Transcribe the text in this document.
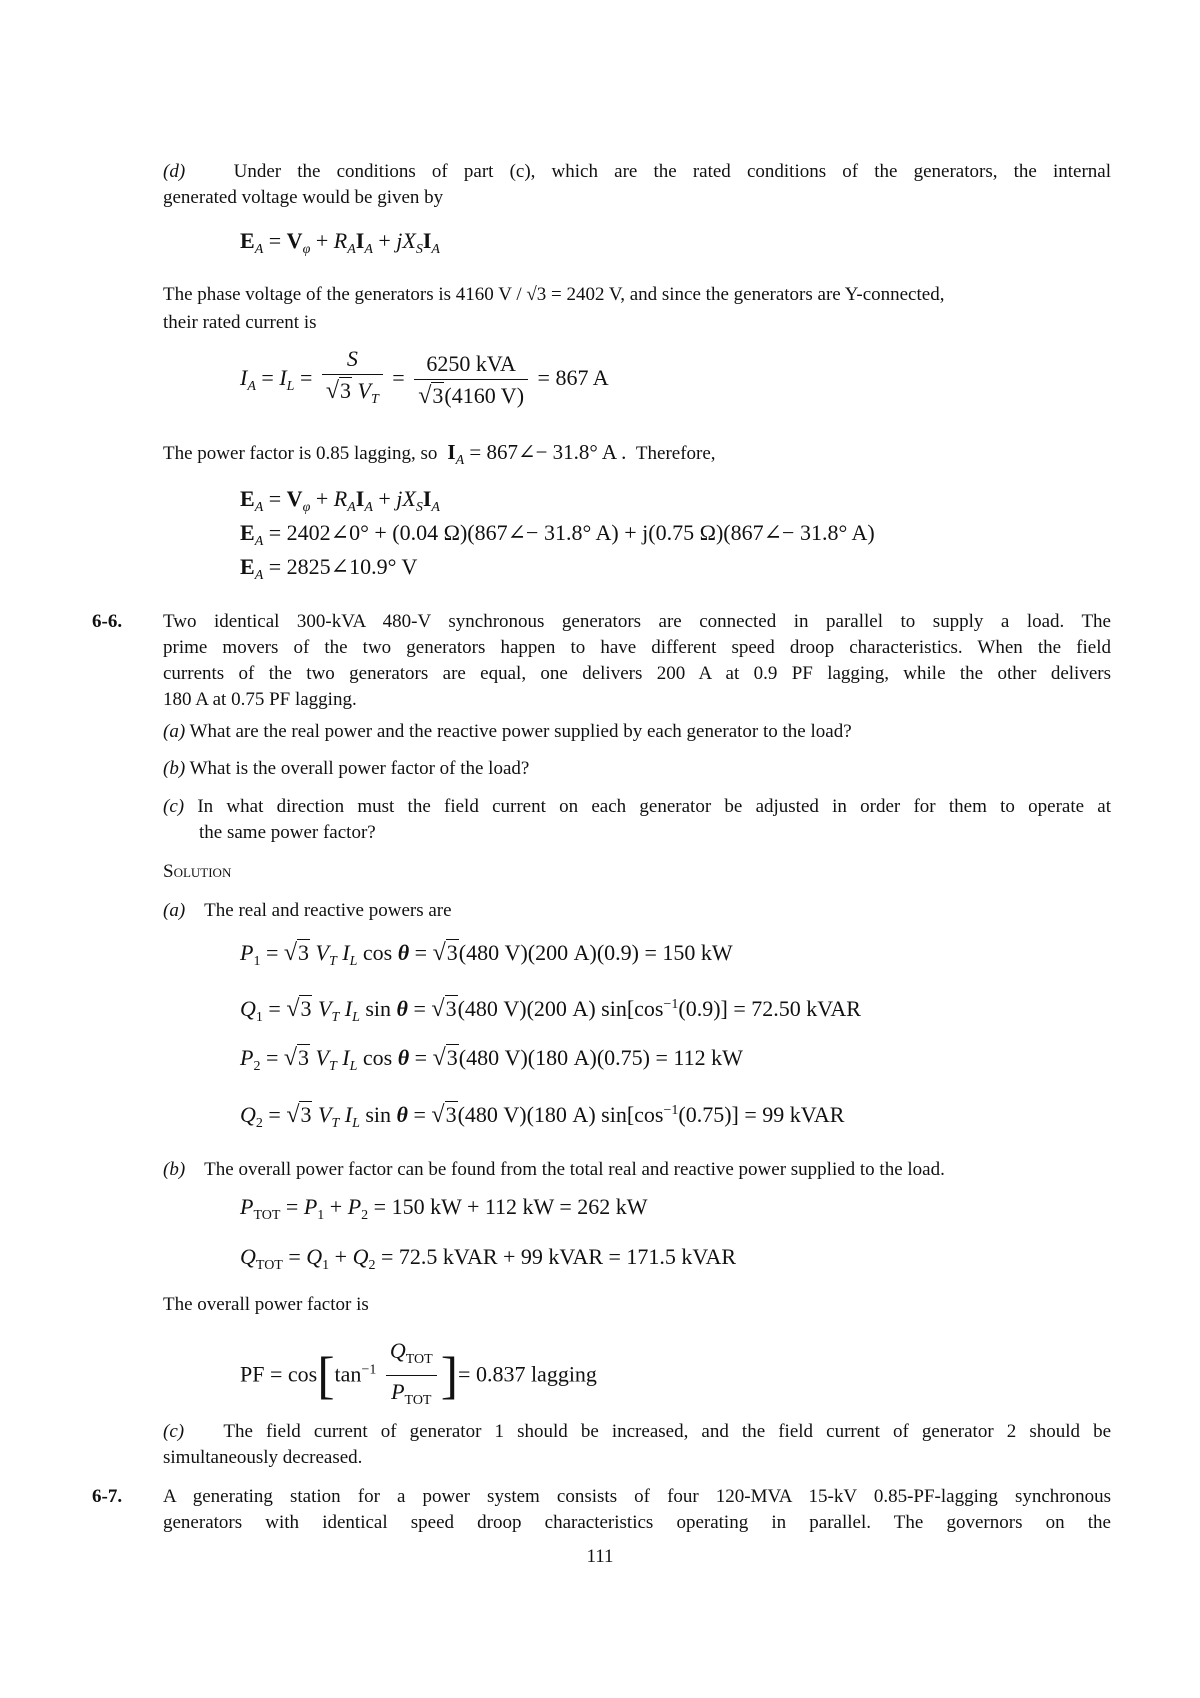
(d)	Under the conditions of part (c), which are the rated conditions of the generators, the internal
generated voltage would be given by
$E_A = V_\varphi + R_AI_A + jX_SI_A$
The phase voltage of the generators is 4160 V / √3 = 2402 V, and since the generators are Y-connected,
their rated current is
$I_A = I_L = \frac{S}{√3 V_T} = \frac{\text{6250 kVA}}{√3(4160 V)} = 867$ A
The power factor is 0.85 lagging, so  $I_A$ = 867∠− 31.8° A . Therefore,
$E_A = V_\varphi + R_AI_A + jX_SI_A$
$E_A$ = 2402∠0° + (0.04 Ω)(867∠− 31.8° A) + j(0.75 Ω)(867∠− 31.8° A)
$E_A$ = 2825∠10.9° V
6-6. Two identical 300-kVA 480-V synchronous generators are connected in parallel to supply a load. The
prime movers of the two generators happen to have different speed droop characteristics. When the field
currents of the two generators are equal, one delivers 200 A at 0.9 PF lagging, while the other delivers
180 A at 0.75 PF lagging.
(a) What are the real power and the reactive power supplied by each generator to the load?
(b) What is the overall power factor of the load?
(c) In what direction must the field current on each generator be adjusted in order for them to operate at
the same power factor?
Solution
(a) The real and reactive powers are
$P_1 = √3$ $V_T$ $I_L$ cos θ = √3(480 V)(200 A)(0.9) = 150 kW
$Q_1 = √3$ $V_T$ $I_L$ sin θ = √3(480 V)(200 A) $\sin[\cos^{-1}(0.9)] = 72.50$ kVAR
$P_2 = √3$ $V_T$ $I_L$ cos θ = √3(480 V)(180 A)(0.75) = 112 kW
$Q_2 = √3$ $V_T$ $I_L$ sin θ = √3(480 V)(180 A) $\sin[\cos^{-1}(0.75)] = 99$ kVAR
(b) The overall power factor can be found from the total real and reactive power supplied to the load.
$P_{TOT} = P_1 + P_2 = 150$ kW + 112 kW = 262 kW
$Q_{TOT} = Q_1 + Q_2 = 72.5$ kVAR + 99 kVAR = 171.5 kVAR
The overall power factor is
PF = $\cos[\tan^{-1} \frac{Q_{TOT}}{P_{TOT}}$ ]= 0.837 lagging
(c) The field current of generator 1 should be increased, and the field current of generator 2 should be
simultaneously decreased.
6-7. A generating station for a power system consists of four 120-MVA 15-kV 0.85-PF-lagging synchronous
generators with identical speed droop characteristics operating in parallel. The governors on the
111
